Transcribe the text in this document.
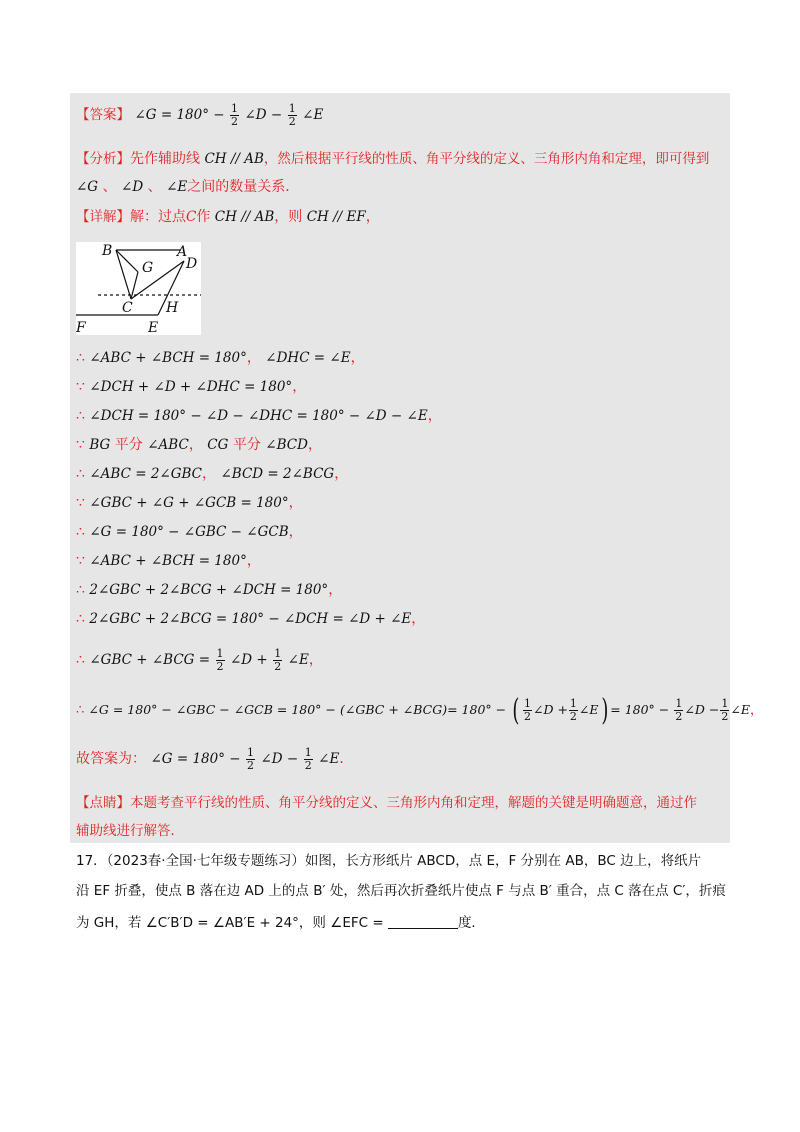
【答案】 ∠G = $180^\circ - \frac{1}{2}$ ∠D − $\frac{1}{2}$ ∠E
【分析】先作辅助线 CH // AB，然后根据平行线的性质、角平分线的定义、三角形内角和定理，即可得到
∠G 、 ∠D 、 ∠E之间的数量关系．
【详解】解：过点C作 CH // AB，则 CH // EF，
B	A
G D
C H
F	E
∴ ∠ABC + ∠BCH = 180°， ∠DHC = ∠E，
∵ ∠DCH + ∠D + ∠DHC = 180°，
∴ ∠DCH = 180° − ∠D − ∠DHC = 180° − ∠D − ∠E，
∵ BG 平分 ∠ABC， CG 平分 ∠BCD，
∴ ∠ABC = 2∠GBC， ∠BCD = 2∠BCG，
∵ ∠GBC + ∠G + ∠GCB = 180°，
∴ ∠G = 180° − ∠GBC − ∠GCB，
∵ ∠ABC + ∠BCH = 180°，
∴ 2∠GBC + 2∠BCG + ∠DCH = 180°，
∴ 2∠GBC + 2∠BCG = 180° − ∠DCH = ∠D + ∠E，
∴ ∠GBC + ∠BCG = $\frac{1}{2}$ ∠D + $\frac{1}{2}$ ∠E，
∴ ∠G = 180° − ∠GBC − ∠GCB = 180° − (∠GBC + ∠BCG)= 180° − ( $\frac{1}{2}$ ∠D + $\frac{1}{2}$ ∠E) = $180^\circ - \frac{1}{2}$ ∠D − $\frac{1}{2}$ ∠E，
故答案为： ∠G = $180^\circ - \frac{1}{2}$ ∠D − $\frac{1}{2}$ ∠E．
【点睛】本题考查平行线的性质、角平分线的定义、三角形内角和定理，解题的关键是明确题意，通过作
辅助线进行解答．
17．（2023春·全国·七年级专题练习）如图，长方形纸片 ABCD，点 E，F 分别在 AB，BC 边上，将纸片
沿 EF 折叠，使点 B 落在边 AD 上的点 B′ 处，然后再次折叠纸片使点 F 与点 B′ 重合，点 C 落在点 C′，折痕
为 GH，若 ∠C′B′D = ∠AB′E + 24°，则 ∠EFC =	度．
